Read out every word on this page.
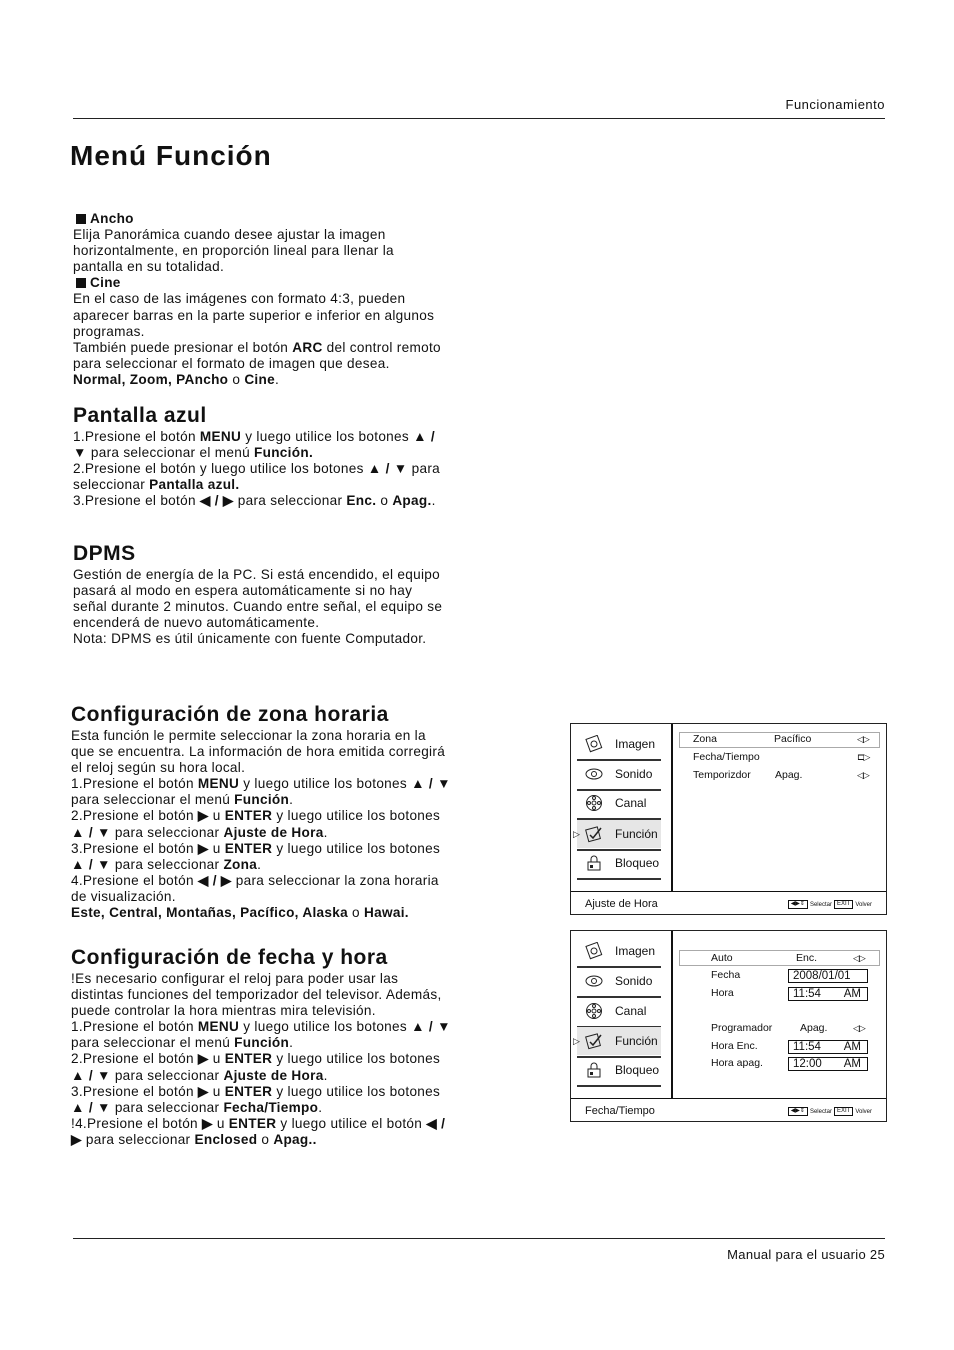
Funcionamiento
Menú Función

Ancho

Elija Panorámica cuando desee ajustar la imagen horizontalmente, en proporción lineal para llenar la pantalla en su totalidad.

Cine

En el caso de las imágenes con formato 4:3, pueden aparecer barras en la parte superior e inferior en algunos programas.

También puede presionar el botón ARC del control remoto para seleccionar el formato de imagen que desea. Normal, Zoom, PAncho o Cine.

Pantalla azul

1.Presione el botón MENU y luego utilice los botones ▲ / ▼ para seleccionar el menú Función.

2.Presione el botón y luego utilice los botones ▲ / ▼ para seleccionar Pantalla azul.

3.Presione el botón ◀ / ▶ para seleccionar Enc. o Apag..

DPMS

Gestión de energía de la PC. Si está encendido, el equipo pasará al modo en espera automáticamente si no hay señal durante 2 minutos. Cuando entre señal, el equipo se encenderá de nuevo automáticamente.

Nota: DPMS es útil únicamente con fuente Computador.

Configuración de zona horaria

Esta función le permite seleccionar la zona horaria en la que se encuentra. La información de hora emitida corregirá el reloj según su hora local.

1.Presione el botón MENU y luego utilice los botones ▲ / ▼ para seleccionar el menú Función.

2.Presione el botón ▶ u ENTER y luego utilice los botones ▲ / ▼ para seleccionar Ajuste de Hora.

3.Presione el botón ▶ u ENTER y luego utilice los botones ▲ / ▼ para seleccionar Zona.

4.Presione el botón ◀ / ▶ para seleccionar la zona horaria de visualización.

Este, Central, Montañas, Pacífico, Alaska o Hawai.

Configuración de fecha y hora

!Es necesario configurar el reloj para poder usar las distintas funciones del temporizador del televisor. Además, puede controlar la hora mientras mira televisión.

1.Presione el botón MENU y luego utilice los botones ▲ / ▼ para seleccionar el menú Función.

2.Presione el botón ▶ u ENTER y luego utilice los botones ▲ / ▼ para seleccionar Ajuste de Hora.

3.Presione el botón ▶ u ENTER y luego utilice los botones ▲ / ▼ para seleccionar Fecha/Tiempo.

!4.Presione el botón ▶ u ENTER y luego utilice el botón ◀ / ▶ para seleccionar Enclosed o Apag..

Imagen
Sonido
Canal
▷	Función
Bloqueo
Zona	Pacífico	◁▷
Fecha/Tiempo	⊏▷
Temporizdor Apag.	◁▷
Ajuste de Hora	◀▶⇕ Selectar EXIT Volver
Imagen
Sonido
Canal
▷	Función
Bloqueo
Auto	Enc.	◁▷
Fecha	2008/01/01
Hora	11:54 AM
Programador	Apag.	◁▷
Hora Enc.	11:54 AM
Hora apag.	12:00 AM
Fecha/Tiempo	◀▶⇕ Selectar EXIT Volver
Manual para el usuario 25
